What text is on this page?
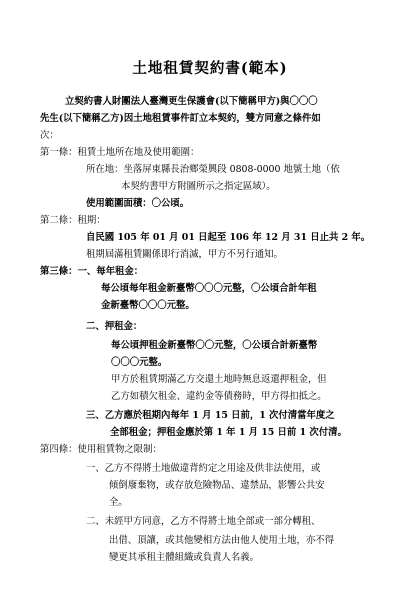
土地租賃契約書(範本)
立契約書人財團法人臺灣更生保護會(以下簡稱甲方)與〇〇〇
先生(以下簡稱乙方)因土地租賃事件訂立本契約，雙方同意之條件如
次：
第一條：租賃土地所在地及使用範圍：
所在地：坐落屏東縣長治鄉榮興段 0808-0000 地號土地（依
本契約書甲方附圖所示之指定區域）。
使用範圍面積：〇公頃。
第二條：租期：
自民國 105 年 01 月 01 日起至 106 年 12 月 31 日止共 2 年。
租期屆滿租賃關係即行消滅，甲方不另行通知。
第三條：一、每年租金：
每公頃每年租金新臺幣〇〇〇元整，〇公頃合計年租
金新臺幣〇〇〇元整。
二、押租金：
每公頃押租金新臺幣〇〇元整，〇公頃合計新臺幣
〇〇〇元整。
甲方於租賃期滿乙方交還土地時無息返還押租金，但
乙方如積欠租金、違約金等債務時，甲方得扣抵之。
三、乙方應於租期內每年 1 月 15 日前，1 次付清當年度之
全部租金；押租金應於第 1 年 1 月 15 日前 1 次付清。
第四條：使用租賃物之限制：
一、乙方不得將土地做違背約定之用途及供非法使用，或
傾倒廢棄物，或存放危險物品、違禁品，影響公共安
全。
二、未經甲方同意，乙方不得將土地全部或一部分轉租、
出借、頂讓，或其他變相方法由他人使用土地，亦不得
變更其承租主體組織或負責人名義。
